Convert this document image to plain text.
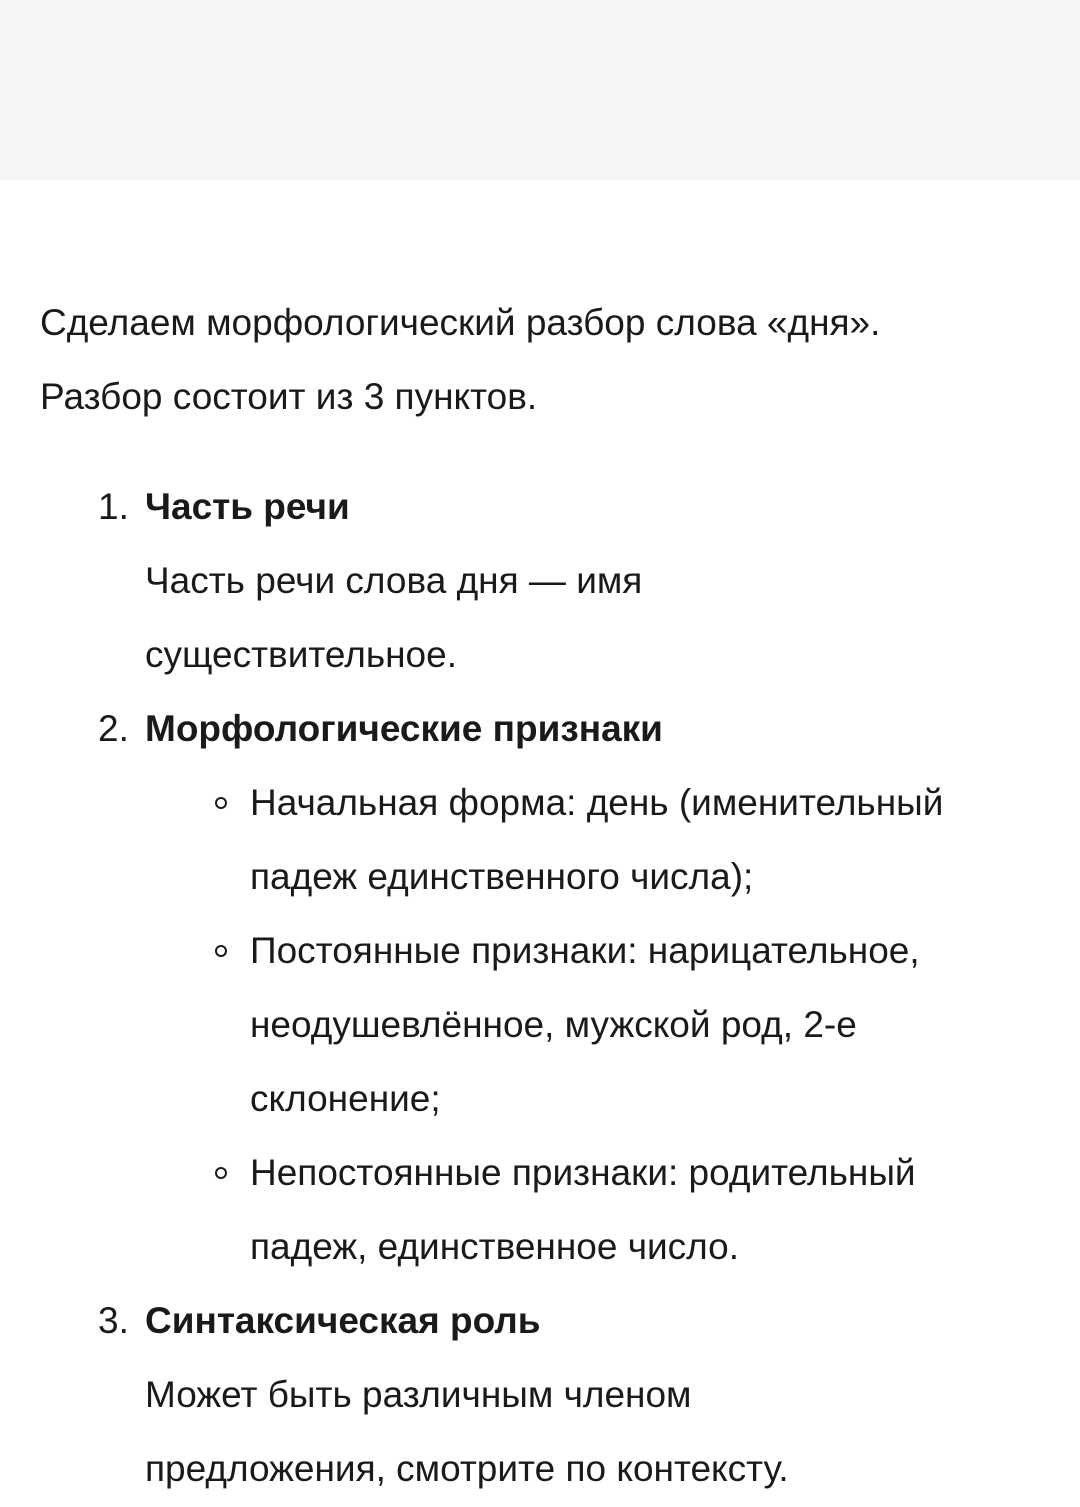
Сделаем морфологический разбор слова «дня».

Разбор состоит из 3 пунктов.

1. Часть речи
Часть речи слова дня — имя
существительное.
2. Морфологические признаки
Начальная форма: день (именительный
падеж единственного числа);
Постоянные признаки: нарицательное,
неодушевлённое, мужской род, 2-е
склонение;
Непостоянные признаки: родительный
падеж, единственное число.
3. Синтаксическая роль
Может быть различным членом
предложения, смотрите по контексту.
